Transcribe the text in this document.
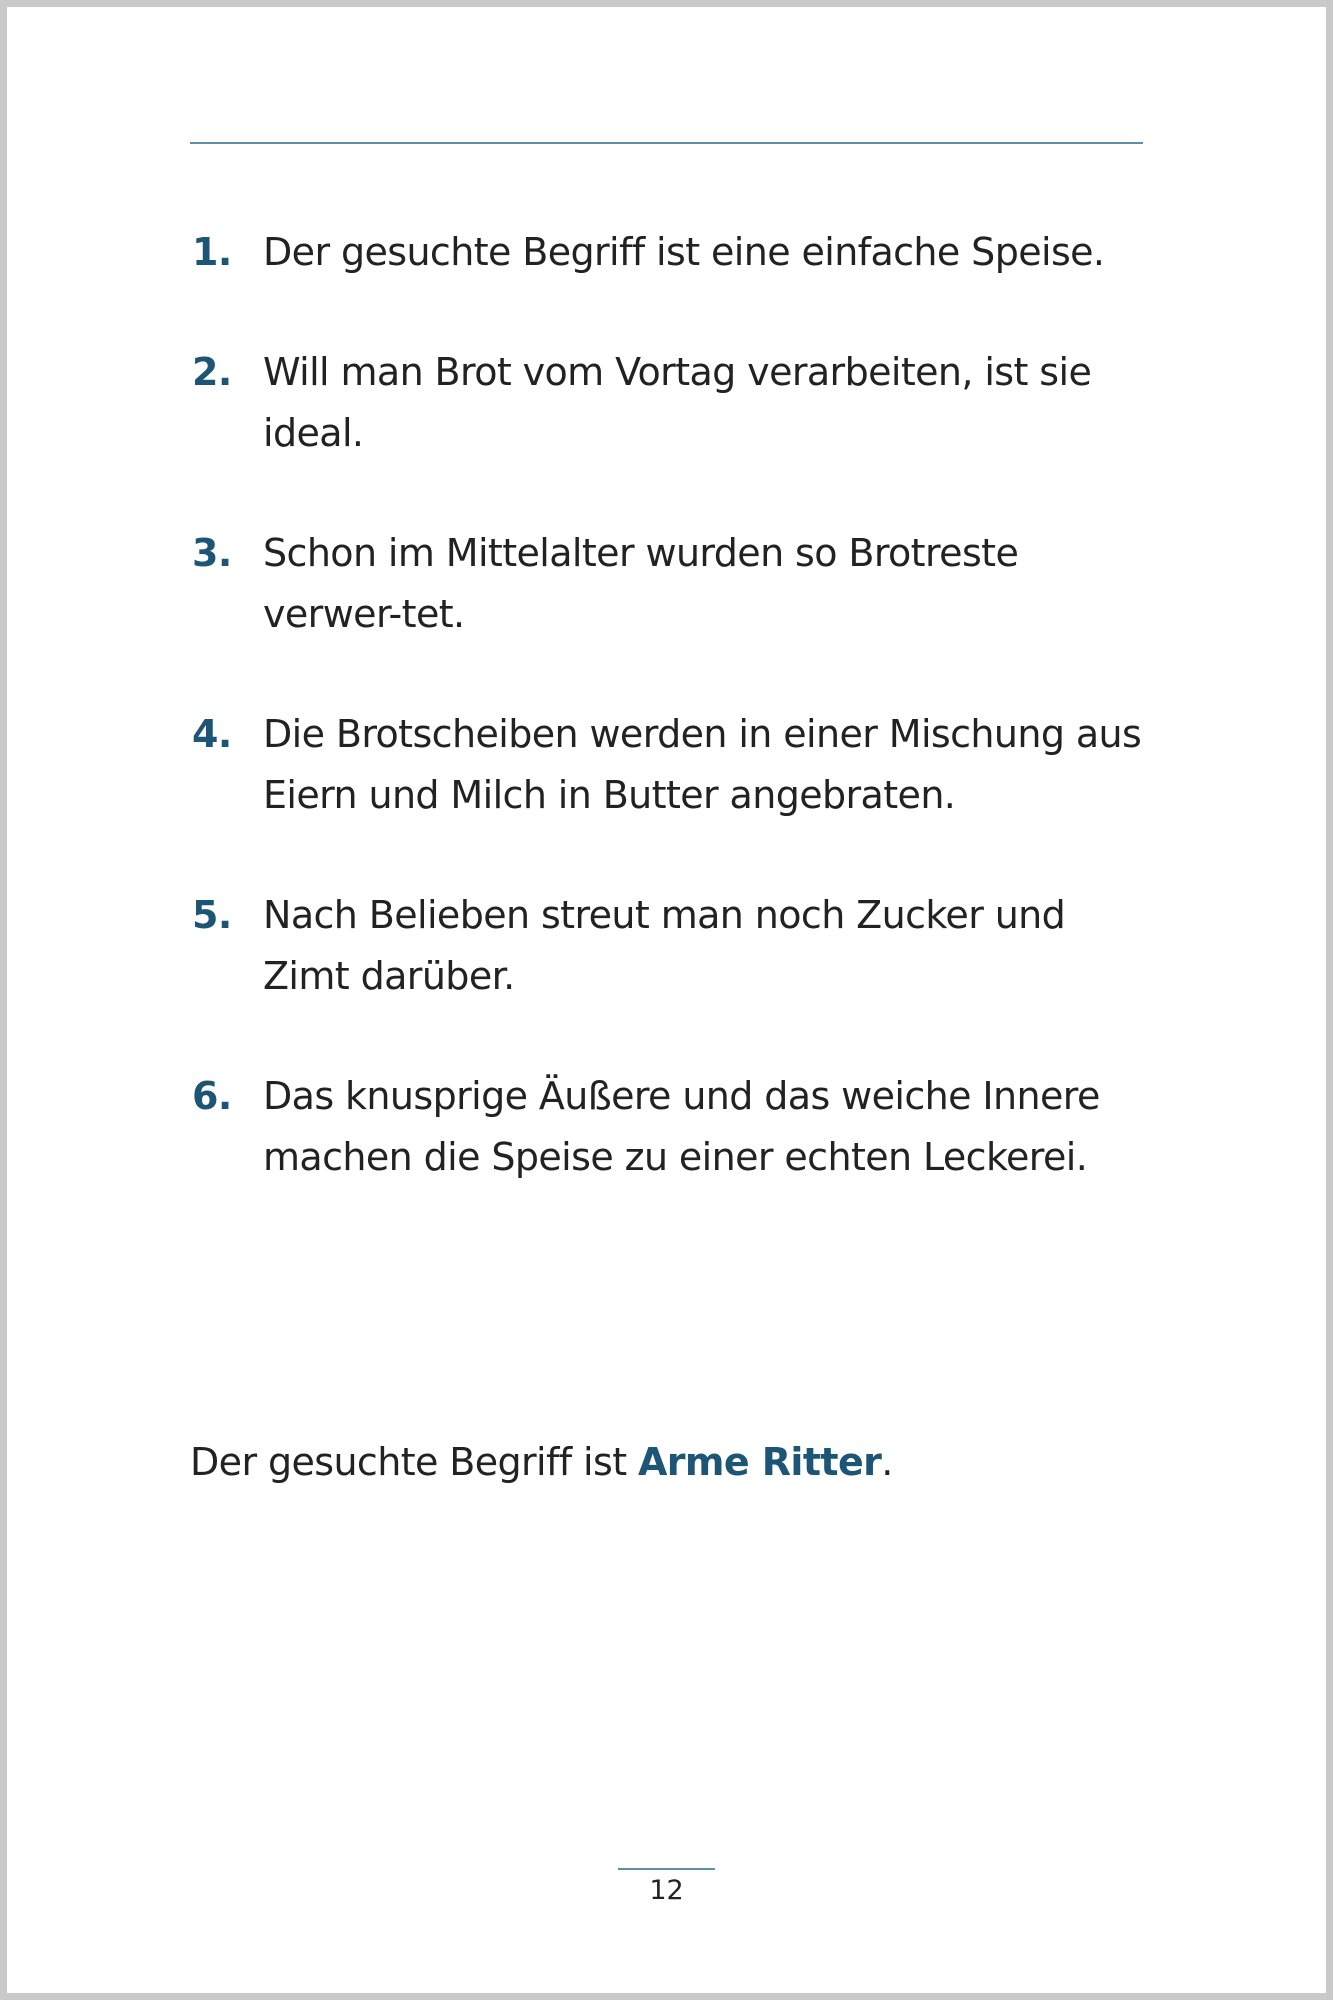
1. Der gesuchte Begriff ist eine einfache Speise.
2. Will man Brot vom Vortag verarbeiten, ist sie ideal.
3. Schon im Mittelalter wurden so Brotreste verwer-tet.
4. Die Brotscheiben werden in einer Mischung aus Eiern und Milch in Butter angebraten.
5. Nach Belieben streut man noch Zucker und Zimt darüber.
6. Das knusprige Äußere und das weiche Innere machen die Speise zu einer echten Leckerei.

Der gesuchte Begriff ist Arme Ritter.

12
